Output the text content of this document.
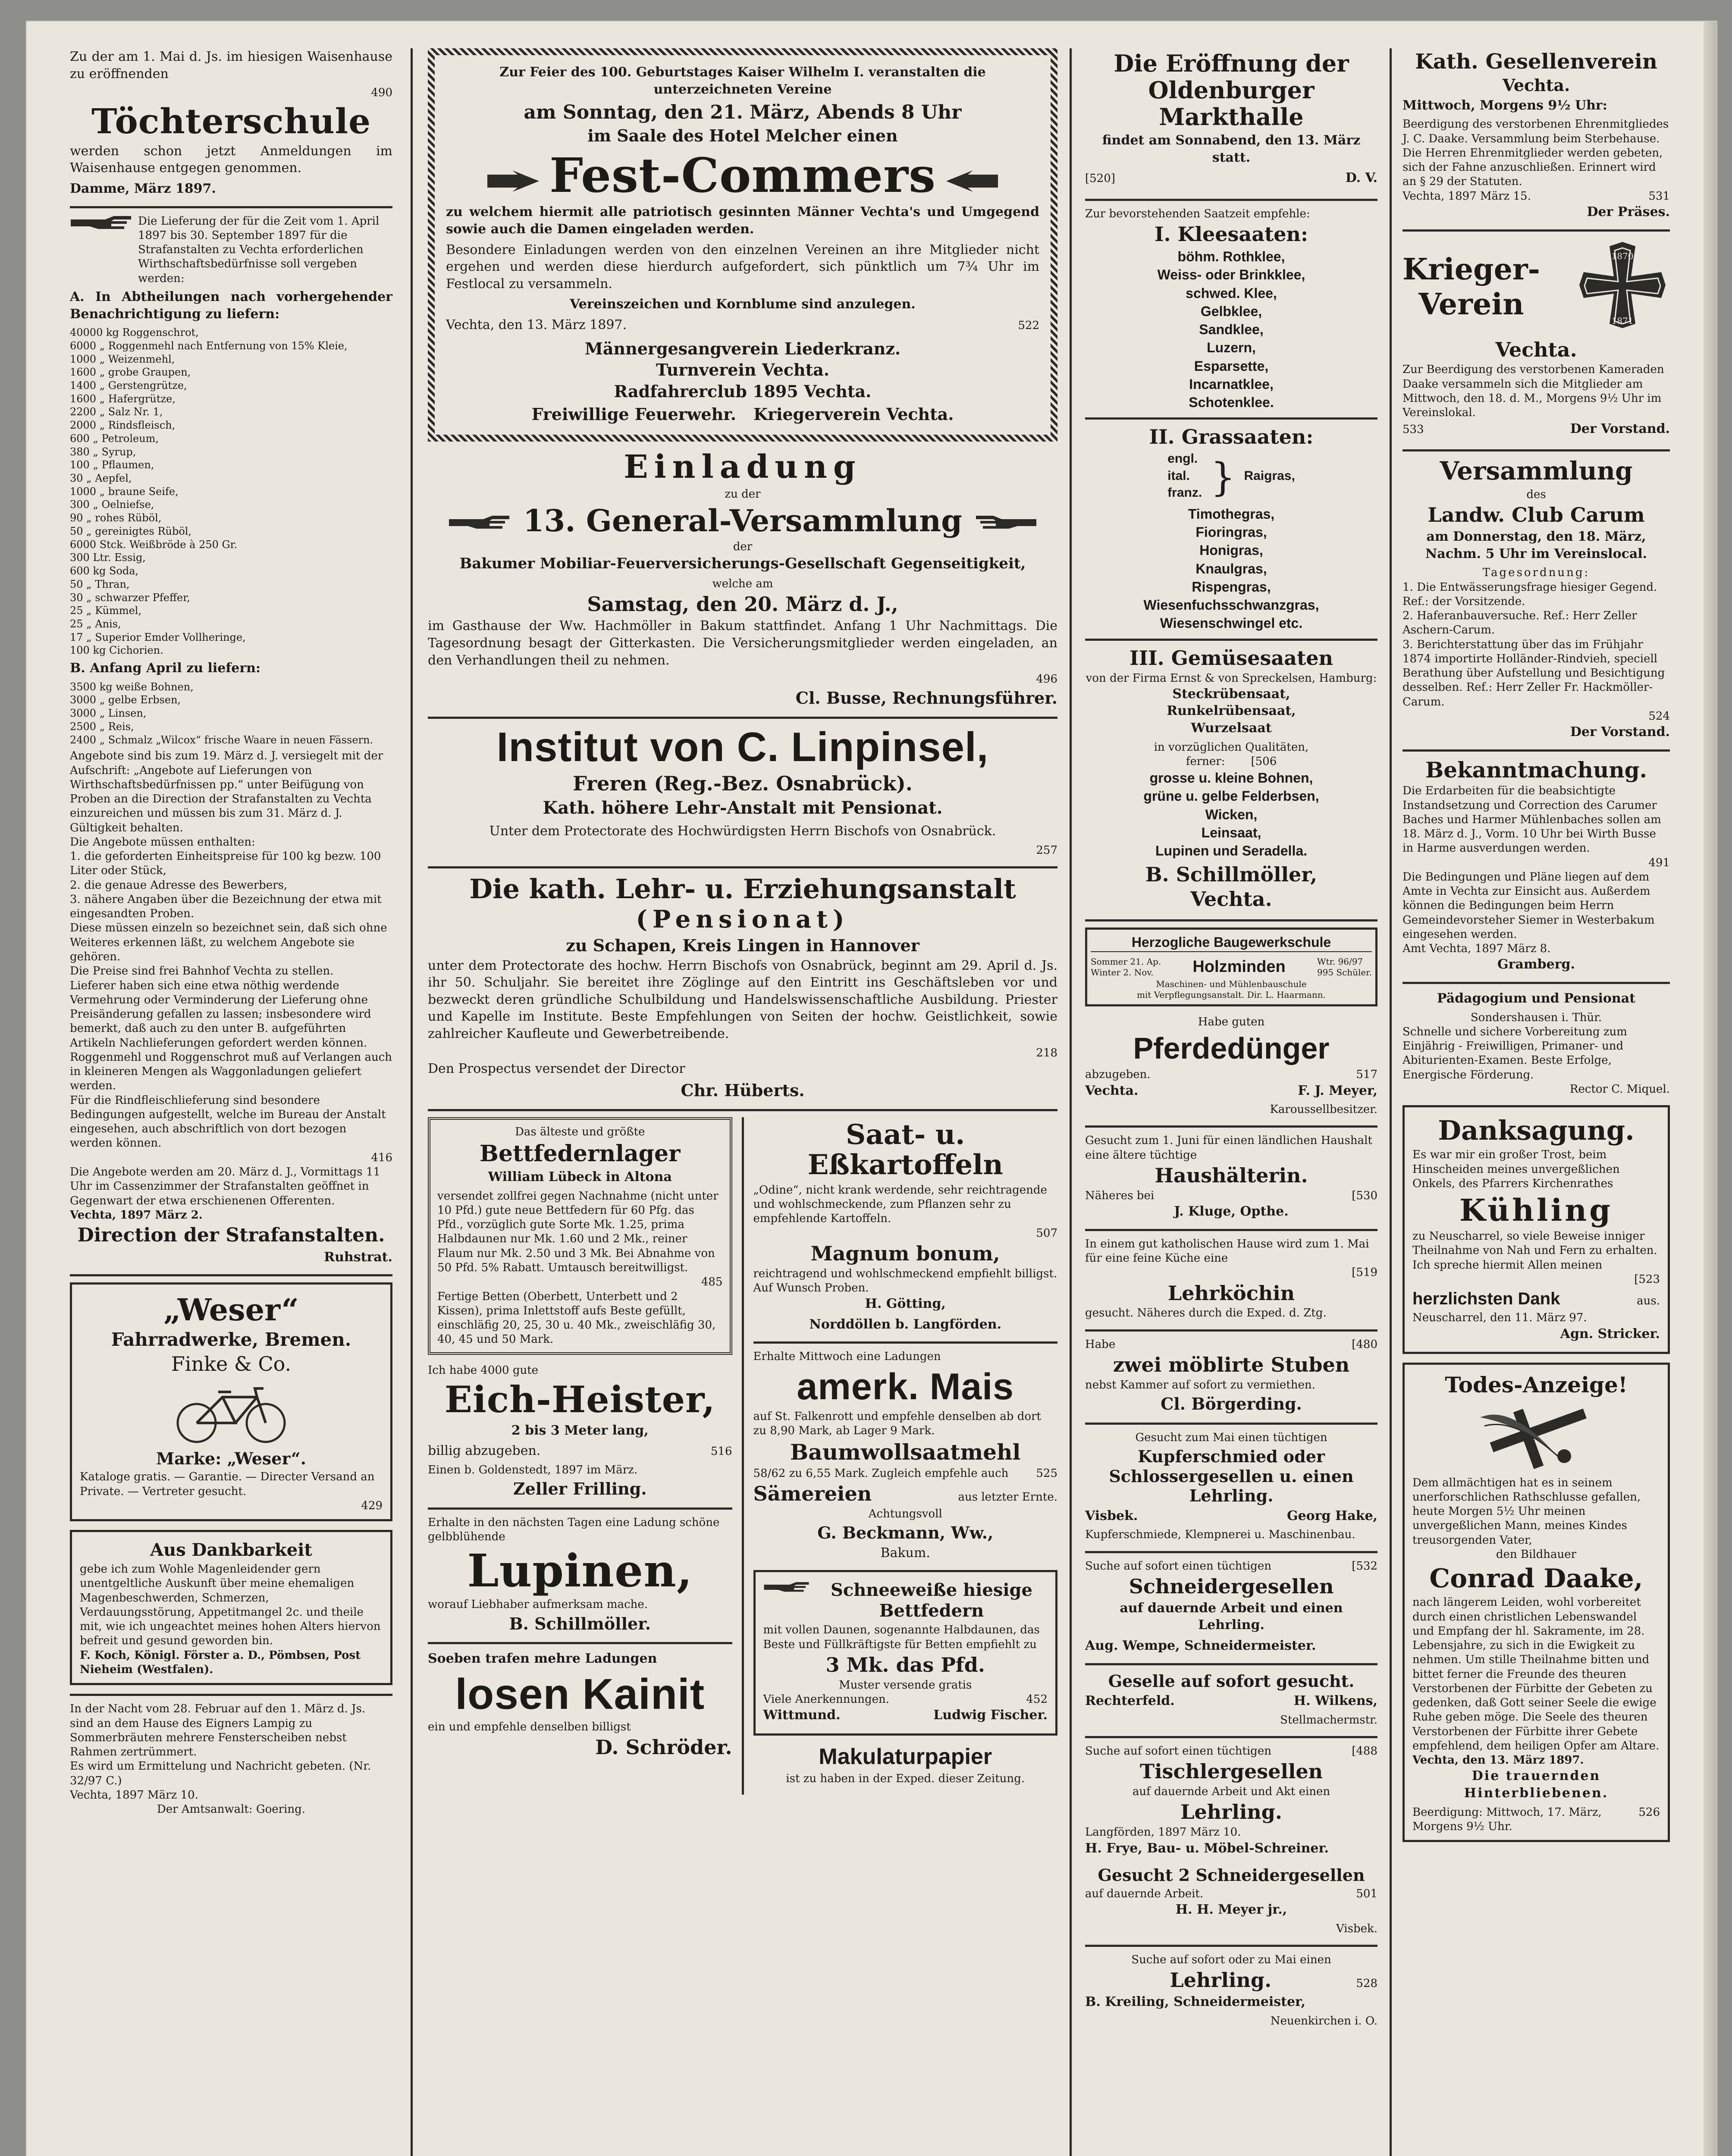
Zu der am 1. Mai d. Js. im hiesigen Waisenhause zu eröffnenden
490
Töchterschule
werden schon jetzt Anmeldungen im Waisenhause entgegen genommen.
Damme, März 1897.
Die Lieferung der für die Zeit vom 1. April 1897 bis 30. September 1897 für die Strafanstalten zu Vechta erforderlichen Wirthschaftsbedürfnisse soll vergeben werden:
A. In Abtheilungen nach vorhergehender Benachrichtigung zu liefern:
40000 kg Roggenschrot,
6000 „ Roggenmehl nach Entfernung von 15% Kleie,
1000 „ Weizenmehl,
1600 „ grobe Graupen,
1400 „ Gerstengrütze,
1600 „ Hafergrütze,
2200 „ Salz Nr. 1,
2000 „ Rindsfleisch,
600 „ Petroleum,
380 „ Syrup,
100 „ Pflaumen,
30 „ Aepfel,
1000 „ braune Seife,
300 „ Oelniefse,
90 „ rohes Rüböl,
50 „ gereinigtes Rüböl,
6000 Stck. Weißbröde à 250 Gr.
300 Ltr. Essig,
600 kg Soda,
50 „ Thran,
30 „ schwarzer Pfeffer,
25 „ Kümmel,
25 „ Anis,
17 „ Superior Emder Vollheringe,
100 kg Cichorien.
B. Anfang April zu liefern:
3500 kg weiße Bohnen,
3000 „ gelbe Erbsen,
3000 „ Linsen,
2500 „ Reis,
2400 „ Schmalz „Wilcox“ frische Waare in neuen Fässern.
Angebote sind bis zum 19. März d. J. versiegelt mit der Aufschrift: „Angebote auf Lieferungen von Wirthschaftsbedürfnissen pp.“ unter Beifügung von Proben an die Direction der Strafanstalten zu Vechta einzureichen und müssen bis zum 31. März d. J. Gültigkeit behalten.
Die Angebote müssen enthalten:
1. die geforderten Einheitspreise für 100 kg bezw. 100 Liter oder Stück,
2. die genaue Adresse des Bewerbers,
3. nähere Angaben über die Bezeichnung der etwa mit eingesandten Proben.
Diese müssen einzeln so bezeichnet sein, daß sich ohne Weiteres erkennen läßt, zu welchem Angebote sie gehören.
Die Preise sind frei Bahnhof Vechta zu stellen.
Lieferer haben sich eine etwa nöthig werdende Vermehrung oder Verminderung der Lieferung ohne Preisänderung gefallen zu lassen; insbesondere wird bemerkt, daß auch zu den unter B. aufgeführten Artikeln Nachlieferungen gefordert werden können.
Roggenmehl und Roggenschrot muß auf Verlangen auch in kleineren Mengen als Waggonladungen geliefert werden.
Für die Rindfleischlieferung sind besondere Bedingungen aufgestellt, welche im Bureau der Anstalt eingesehen, auch abschriftlich von dort bezogen werden können.
416
Die Angebote werden am 20. März d. J., Vormittags 11 Uhr im Cassenzimmer der Strafanstalten geöffnet in Gegenwart der etwa erschienenen Offerenten.
Vechta, 1897 März 2.
Direction der Strafanstalten.
Ruhstrat.
„Weser“
Fahrradwerke, Bremen.
Finke & Co.
Marke: „Weser“.
Kataloge gratis. — Garantie. — Directer Versand an Private. — Vertreter gesucht.
429
Aus Dankbarkeit
gebe ich zum Wohle Magenleidender gern unentgeltliche Auskunft über meine ehemaligen Magenbeschwerden, Schmerzen, Verdauungsstörung, Appetitmangel 2c. und theile mit, wie ich ungeachtet meines hohen Alters hiervon befreit und gesund geworden bin.
F. Koch, Königl. Förster a. D., Pömbsen, Post Nieheim (Westfalen).
In der Nacht vom 28. Februar auf den 1. März d. Js. sind an dem Hause des Eigners Lampig zu Sommerbräuten mehrere Fensterscheiben nebst Rahmen zertrümmert.
Es wird um Ermittelung und Nachricht gebeten. (Nr. 32/97 C.)
Vechta, 1897 März 10.
Der Amtsanwalt: Goering.
Zur Feier des 100. Geburtstages Kaiser Wilhelm I. veranstalten die unterzeichneten Vereine
am Sonntag, den 21. März, Abends 8 Uhr
im Saale des Hotel Melcher einen
Fest-Commers
zu welchem hiermit alle patriotisch gesinnten Männer Vechta's und Umgegend sowie auch die Damen eingeladen werden.
Besondere Einladungen werden von den einzelnen Vereinen an ihre Mitglieder nicht ergehen und werden diese hierdurch aufgefordert, sich pünktlich um 7¾ Uhr im Festlocal zu versammeln.
Vereinszeichen und Kornblume sind anzulegen.
Vechta, den 13. März 1897.	522
Männergesangverein Liederkranz.
Turnverein Vechta.
Radfahrerclub 1895 Vechta.
Freiwillige Feuerwehr. Kriegerverein Vechta.
Einladung
zu der
13. General-Versammlung
der
Bakumer Mobiliar-Feuerversicherungs-Gesellschaft Gegenseitigkeit,
welche am
Samstag, den 20. März d. J.,
im Gasthause der Ww. Hachmöller in Bakum stattfindet. Anfang 1 Uhr Nachmittags. Die Tagesordnung besagt der Gitterkasten. Die Versicherungsmitglieder werden eingeladen, an den Verhandlungen theil zu nehmen.
496
Cl. Busse, Rechnungsführer.
Institut von C. Linpinsel,
Freren (Reg.-Bez. Osnabrück).
Kath. höhere Lehr-Anstalt mit Pensionat.
Unter dem Protectorate des Hochwürdigsten Herrn Bischofs von Osnabrück.
257
Die kath. Lehr- u. Erziehungsanstalt
(Pensionat)
zu Schapen, Kreis Lingen in Hannover
unter dem Protectorate des hochw. Herrn Bischofs von Osnabrück, beginnt am 29. April d. Js. ihr 50. Schuljahr. Sie bereitet ihre Zöglinge auf den Eintritt ins Geschäftsleben vor und bezweckt deren gründliche Schulbildung und Handelswissenschaftliche Ausbildung. Priester und Kapelle im Institute. Beste Empfehlungen von Seiten der hochw. Geistlichkeit, sowie zahlreicher Kaufleute und Gewerbetreibende.
218
Den Prospectus versendet der Director
Chr. Hüberts.
Das älteste und größte
Bettfedernlager
William Lübeck in Altona
versendet zollfrei gegen Nachnahme (nicht unter 10 Pfd.) gute neue Bettfedern für 60 Pfg. das Pfd., vorzüglich gute Sorte Mk. 1.25, prima Halbdaunen nur Mk. 1.60 und 2 Mk., reiner Flaum nur Mk. 2.50 und 3 Mk. Bei Abnahme von 50 Pfd. 5% Rabatt. Umtausch bereitwilligst.
485
Fertige Betten (Oberbett, Unterbett und 2 Kissen), prima Inlettstoff aufs Beste gefüllt, einschläfig 20, 25, 30 u. 40 Mk., zweischläfig 30, 40, 45 und 50 Mark.
Ich habe 4000 gute
Eich-Heister,
2 bis 3 Meter lang,
billig abzugeben.	516
Einen b. Goldenstedt, 1897 im März.
Zeller Frilling.
Erhalte in den nächsten Tagen eine Ladung schöne gelbblühende
Lupinen,
worauf Liebhaber aufmerksam mache.
B. Schillmöller.
Soeben trafen mehre Ladungen
losen Kainit
ein und empfehle denselben billigst
D. Schröder.
Saat- u. Eßkartoffeln
„Odine“, nicht krank werdende, sehr reichtragende und wohlschmeckende, zum Pflanzen sehr zu empfehlende Kartoffeln.
507
Magnum bonum,
reichtragend und wohlschmeckend empfiehlt billigst. Auf Wunsch Proben.
H. Götting,
Norddöllen b. Langförden.
Erhalte Mittwoch eine Ladungen
amerk. Mais
auf St. Falkenrott und empfehle denselben ab dort zu 8,90 Mark, ab Lager 9 Mark.
Baumwollsaatmehl
58/62 zu 6,55 Mark. Zugleich empfehle auch 525
Sämereien	aus letzter Ernte.
Achtungsvoll
G. Beckmann, Ww.,
Bakum.
Schneeweiße hiesige Bettfedern
mit vollen Daunen, sogenannte Halbdaunen, das Beste und Füllkräftigste für Betten empfiehlt zu
3 Mk. das Pfd.
Muster versende gratis
Viele Anerkennungen.	452
Wittmund.	Ludwig Fischer.
Makulaturpapier
ist zu haben in der Exped. dieser Zeitung.
Die Eröffnung der Oldenburger Markthalle
findet am Sonnabend, den 13. März statt.
[520]	D. V.
Zur bevorstehenden Saatzeit empfehle:
I. Kleesaaten:
böhm. Rothklee,
Weiss- oder Brinkklee,
schwed. Klee,
Gelbklee,
Sandklee,
Luzern,
Esparsette,
Incarnatklee,
Schotenklee.
II. Grassaaten:
engl.
ital.
franz. } Raigras,
Timothegras,
Fioringras,
Honigras,
Knaulgras,
Rispengras,
Wiesenfuchsschwanzgras,
Wiesenschwingel etc.
III. Gemüsesaaten
von der Firma Ernst & von Spreckelsen, Hamburg:
Steckrübensaat,
Runkelrübensaat,
Wurzelsaat
in vorzüglichen Qualitäten,
ferner: [506
grosse u. kleine Bohnen,
grüne u. gelbe Felderbsen,
Wicken,
Leinsaat,
Lupinen und Seradella.
B. Schillmöller,
Vechta.
Herzogliche Baugewerkschule
Sommer 21. Ap.
Winter 2. Nov.	Holzminden	Wtr. 96/97
995 Schüler.
Maschinen- und Mühlenbauschule
mit Verpflegungsanstalt. Dir. L. Haarmann.
Habe guten
Pferdedünger
abzugeben.	517
Vechta.	F. J. Meyer,
Karoussellbesitzer.
Gesucht zum 1. Juni für einen ländlichen Haushalt eine ältere tüchtige
Haushälterin.
Näheres bei	[530
J. Kluge, Opthe.
In einem gut katholischen Hause wird zum 1. Mai für eine feine Küche eine
[519
Lehrköchin
gesucht. Näheres durch die Exped. d. Ztg.
Habe	[480
zwei möblirte Stuben
nebst Kammer auf sofort zu vermiethen.
Cl. Börgerding.
Gesucht zum Mai einen tüchtigen
Kupferschmied oder Schlossergesellen u. einen Lehrling.
Visbek.	Georg Hake,
Kupferschmiede, Klempnerei u. Maschinenbau.
Suche auf sofort einen tüchtigen	[532
Schneidergesellen
auf dauernde Arbeit und einen Lehrling.
Aug. Wempe, Schneidermeister.
Geselle auf sofort gesucht.
Rechterfeld.	H. Wilkens,
Stellmachermstr.
Suche auf sofort einen tüchtigen	[488
Tischlergesellen
auf dauernde Arbeit und Akt einen
Lehrling.
Langförden, 1897 März 10.
H. Frye, Bau- u. Möbel-Schreiner.
Gesucht 2 Schneidergesellen
auf dauernde Arbeit.	501
H. H. Meyer jr.,
Visbek.
Suche auf sofort oder zu Mai einen
Lehrling.	528
B. Kreiling, Schneidermeister,
Neuenkirchen i. O.
Kath. Gesellenverein
Vechta.
Mittwoch, Morgens 9½ Uhr:
Beerdigung des verstorbenen Ehrenmitgliedes J. C. Daake. Versammlung beim Sterbehause. Die Herren Ehrenmitglieder werden gebeten, sich der Fahne anzuschließen. Erinnert wird an § 29 der Statuten.
Vechta, 1897 März 15.	531
Der Präses.
Krieger-
Verein
1870
1871
Vechta.
Zur Beerdigung des verstorbenen Kameraden Daake versammeln sich die Mitglieder am Mittwoch, den 18. d. M., Morgens 9½ Uhr im Vereinslokal.
533	Der Vorstand.
Versammlung
des
Landw. Club Carum
am Donnerstag, den 18. März, Nachm. 5 Uhr im Vereinslocal.
Tagesordnung:
1. Die Entwässerungsfrage hiesiger Gegend. Ref.: der Vorsitzende.
2. Haferanbauversuche. Ref.: Herr Zeller Aschern-Carum.
3. Berichterstattung über das im Frühjahr 1874 importirte Holländer-Rindvieh, speciell Berathung über Aufstellung und Besichtigung desselben. Ref.: Herr Zeller Fr. Hackmöller-Carum.
524
Der Vorstand.
Bekanntmachung.
Die Erdarbeiten für die beabsichtigte Instandsetzung und Correction des Carumer Baches und Harmer Mühlenbaches sollen am 18. März d. J., Vorm. 10 Uhr bei Wirth Busse in Harme ausverdungen werden.
491
Die Bedingungen und Pläne liegen auf dem Amte in Vechta zur Einsicht aus. Außerdem können die Bedingungen beim Herrn Gemeindevorsteher Siemer in Westerbakum eingesehen werden.
Amt Vechta, 1897 März 8.
Gramberg.
Pädagogium und Pensionat
Sondershausen i. Thür.
Schnelle und sichere Vorbereitung zum Einjährig - Freiwilligen, Primaner- und Abiturienten-Examen. Beste Erfolge, Energische Förderung.
Rector C. Miquel.
Danksagung.
Es war mir ein großer Trost, beim Hinscheiden meines unvergeßlichen Onkels, des Pfarrers Kirchenrathes
Kühling
zu Neuscharrel, so viele Beweise inniger Theilnahme von Nah und Fern zu erhalten. Ich spreche hiermit Allen meinen
[523
herzlichsten Dank	aus.
Neuscharrel, den 11. März 97.
Agn. Stricker.
Todes-Anzeige!
Dem allmächtigen hat es in seinem unerforschlichen Rathschlusse gefallen, heute Morgen 5½ Uhr meinen unvergeßlichen Mann, meines Kindes treusorgenden Vater,
den Bildhauer
Conrad Daake,
nach längerem Leiden, wohl vorbereitet durch einen christlichen Lebenswandel und Empfang der hl. Sakramente, im 28. Lebensjahre, zu sich in die Ewigkeit zu nehmen. Um stille Theilnahme bitten und bittet ferner die Freunde des theuren Verstorbenen der Fürbitte der Gebeten zu gedenken, daß Gott seiner Seele die ewige Ruhe geben möge. Die Seele des theuren Verstorbenen der Fürbitte ihrer Gebete empfehlend, dem heiligen Opfer am Altare.
Vechta, den 13. März 1897.
Die trauernden Hinterbliebenen.
Beerdigung: Mittwoch, 17. März, Morgens 9½ Uhr.
526
